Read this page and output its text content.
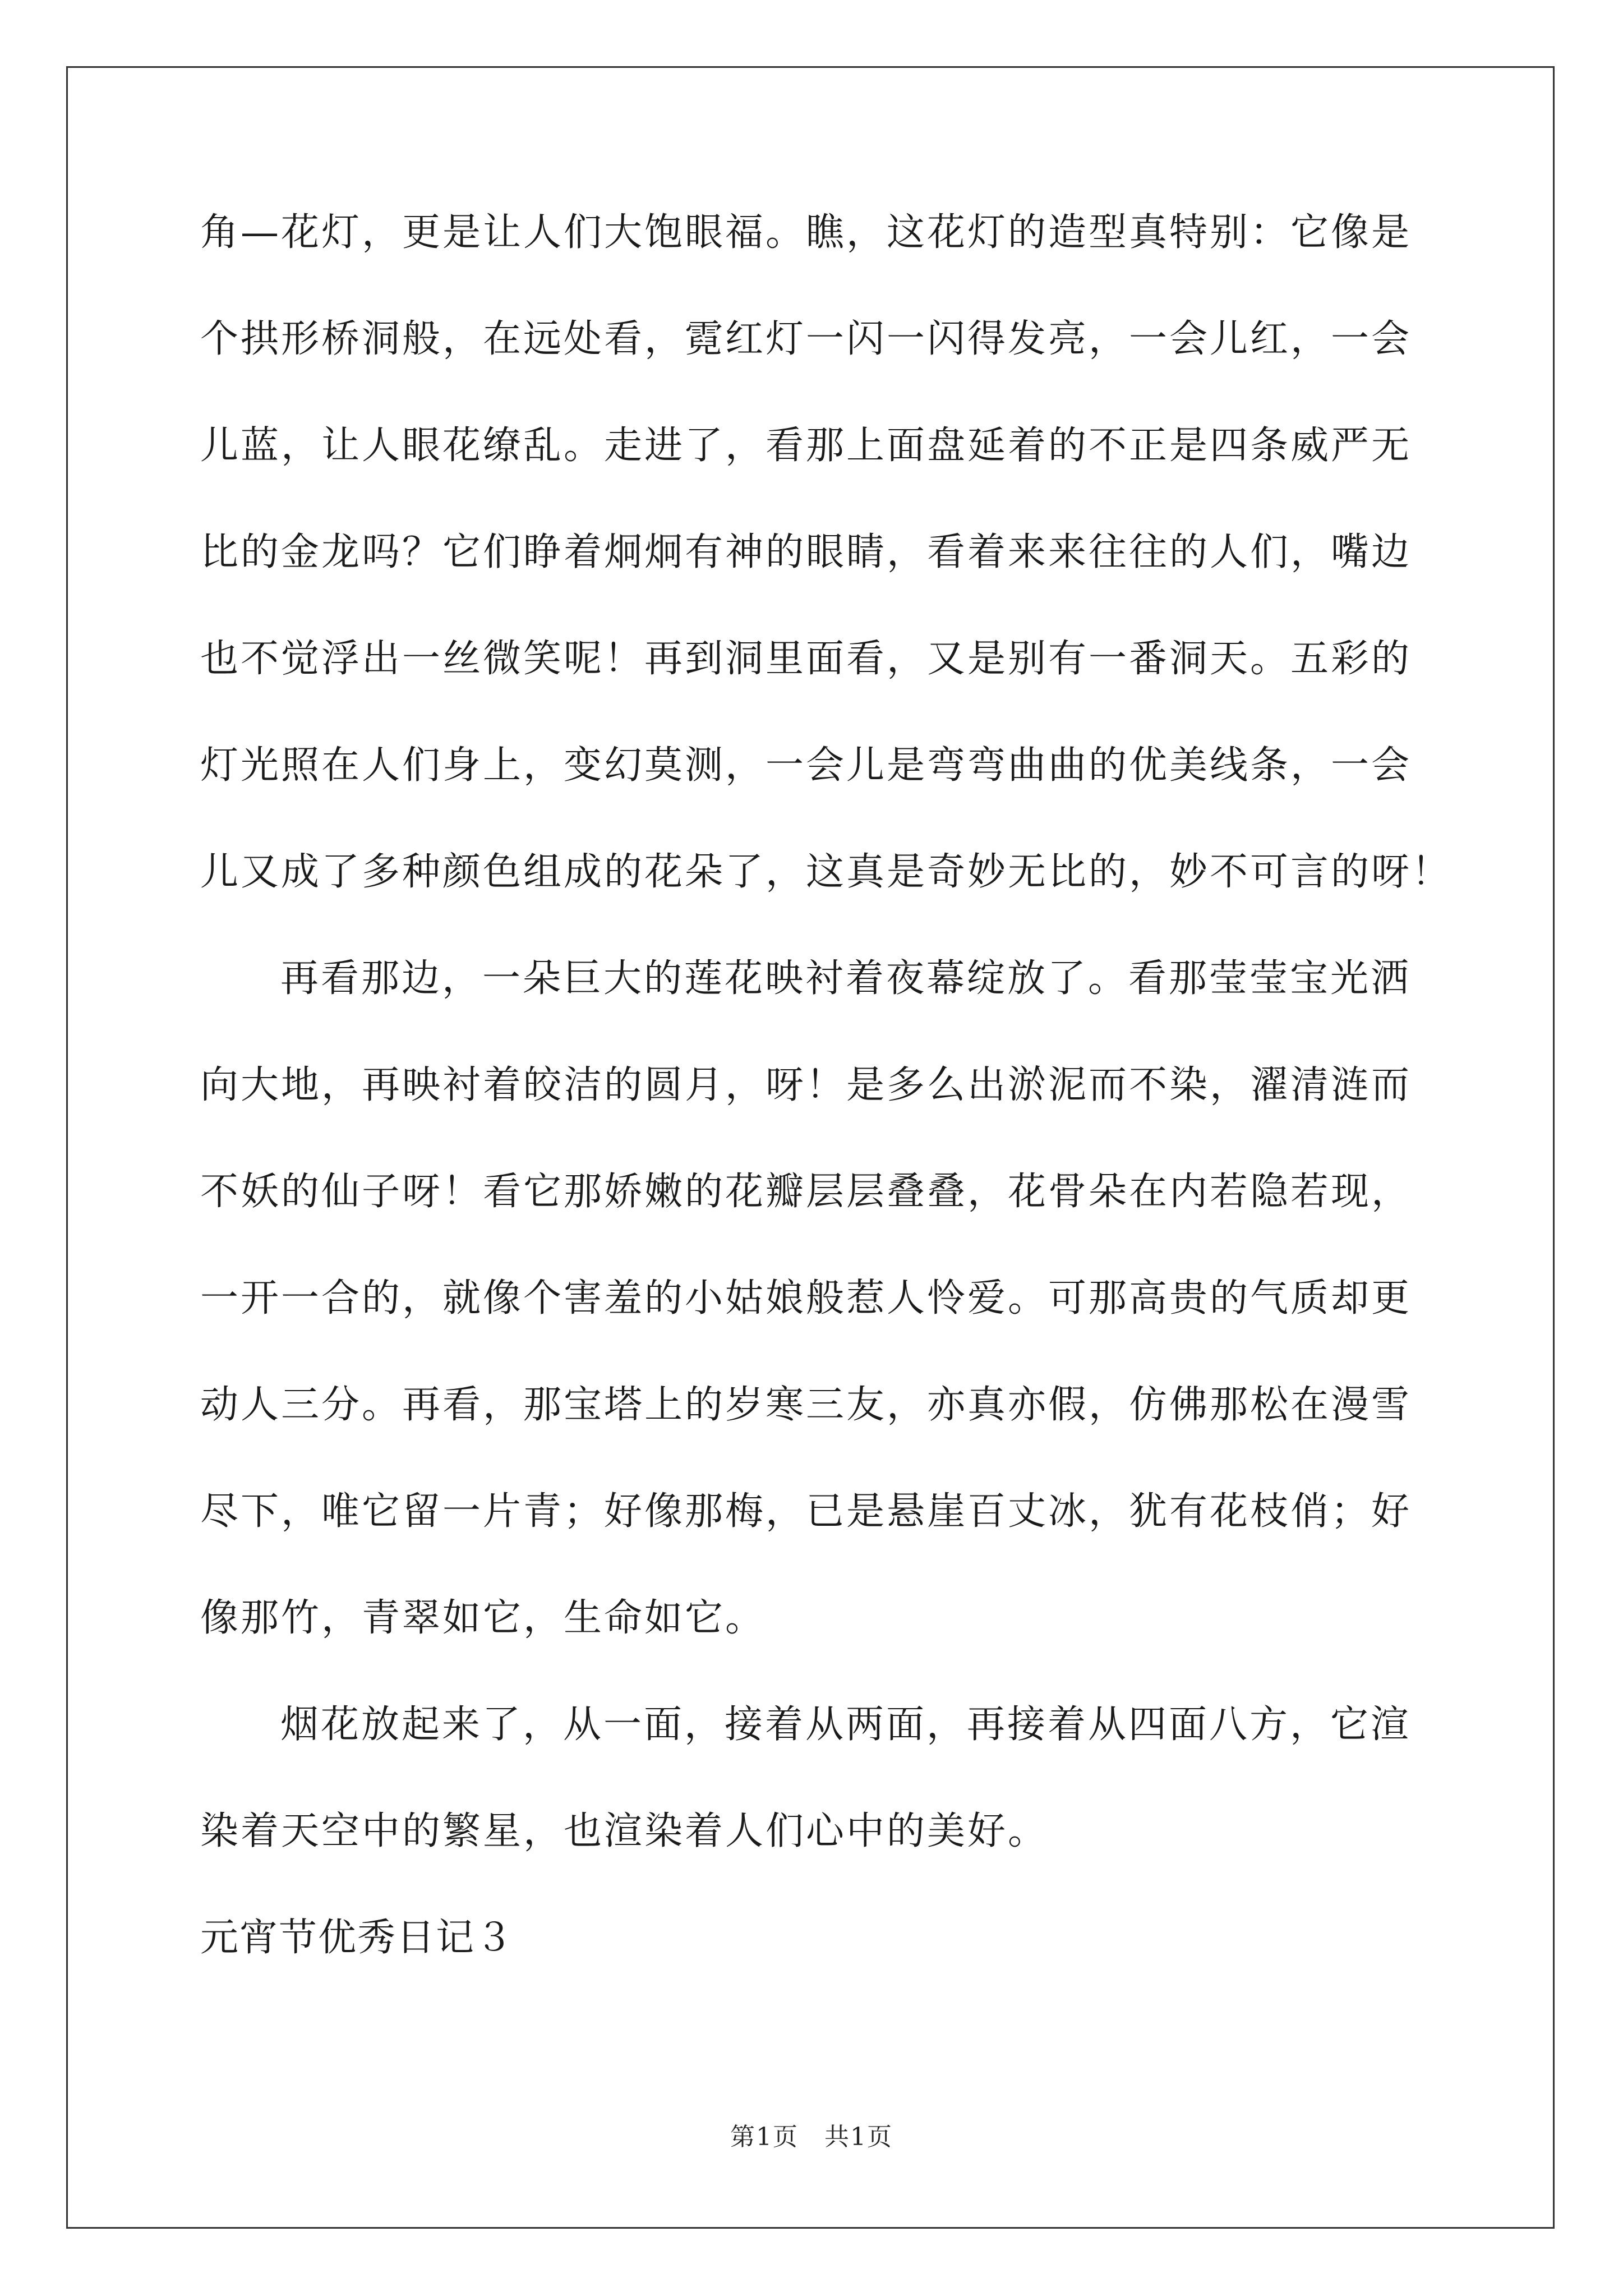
角—花灯，更是让人们大饱眼福。瞧，这花灯的造型真特别：它像是
个拱形桥洞般，在远处看，霓红灯一闪一闪得发亮，一会儿红，一会
儿蓝，让人眼花缭乱。走进了，看那上面盘延着的不正是四条威严无
比的金龙吗？它们睁着炯炯有神的眼睛，看着来来往往的人们，嘴边
也不觉浮出一丝微笑呢！再到洞里面看，又是别有一番洞天。五彩的
灯光照在人们身上，变幻莫测，一会儿是弯弯曲曲的优美线条，一会
儿又成了多种颜色组成的花朵了，这真是奇妙无比的，妙不可言的呀！
再看那边，一朵巨大的莲花映衬着夜幕绽放了。看那莹莹宝光洒
向大地，再映衬着皎洁的圆月，呀！是多么出淤泥而不染，濯清涟而
不妖的仙子呀！看它那娇嫩的花瓣层层叠叠，花骨朵在内若隐若现，
一开一合的，就像个害羞的小姑娘般惹人怜爱。可那高贵的气质却更
动人三分。再看，那宝塔上的岁寒三友，亦真亦假，仿佛那松在漫雪
尽下，唯它留一片青；好像那梅，已是悬崖百丈冰，犹有花枝俏；好
像那竹，青翠如它，生命如它。
烟花放起来了，从一面，接着从两面，再接着从四面八方，它渲
染着天空中的繁星，也渲染着人们心中的美好。
元宵节优秀日记３
第1页　共1页
